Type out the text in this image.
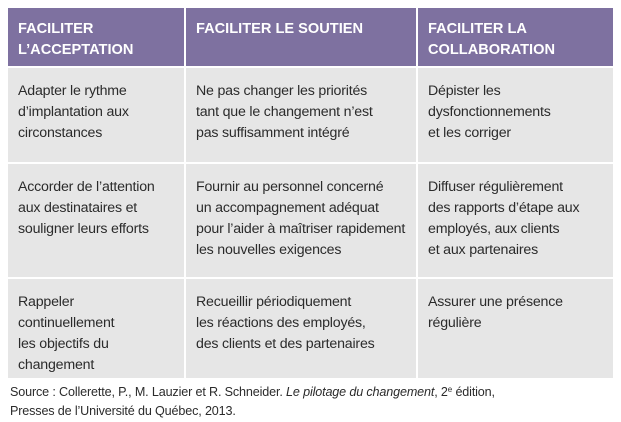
FACILITER
L’ACCEPTATION
FACILITER LE SOUTIEN	FACILITER LA
COLLABORATION
Adapter le rythme
d’implantation aux
circonstances
Ne pas changer les priorités
tant que le changement n’est
pas suffisamment intégré
Dépister les
dysfonctionnements
et les corriger
Accorder de l’attention
aux destinataires et
souligner leurs efforts
Fournir au personnel concerné
un accompagnement adéquat
pour l’aider à maîtriser rapidement
les nouvelles exigences
Diffuser régulièrement
des rapports d’étape aux
employés, aux clients
et aux partenaires
Rappeler continuellement
les objectifs du
changement
Recueillir périodiquement
les réactions des employés,
des clients et des partenaires
Assurer une présence
régulière
Source : Collerette, P., M. Lauzier et R. Schneider. Le pilotage du changement, 2e édition,
Presses de l’Université du Québec, 2013.
